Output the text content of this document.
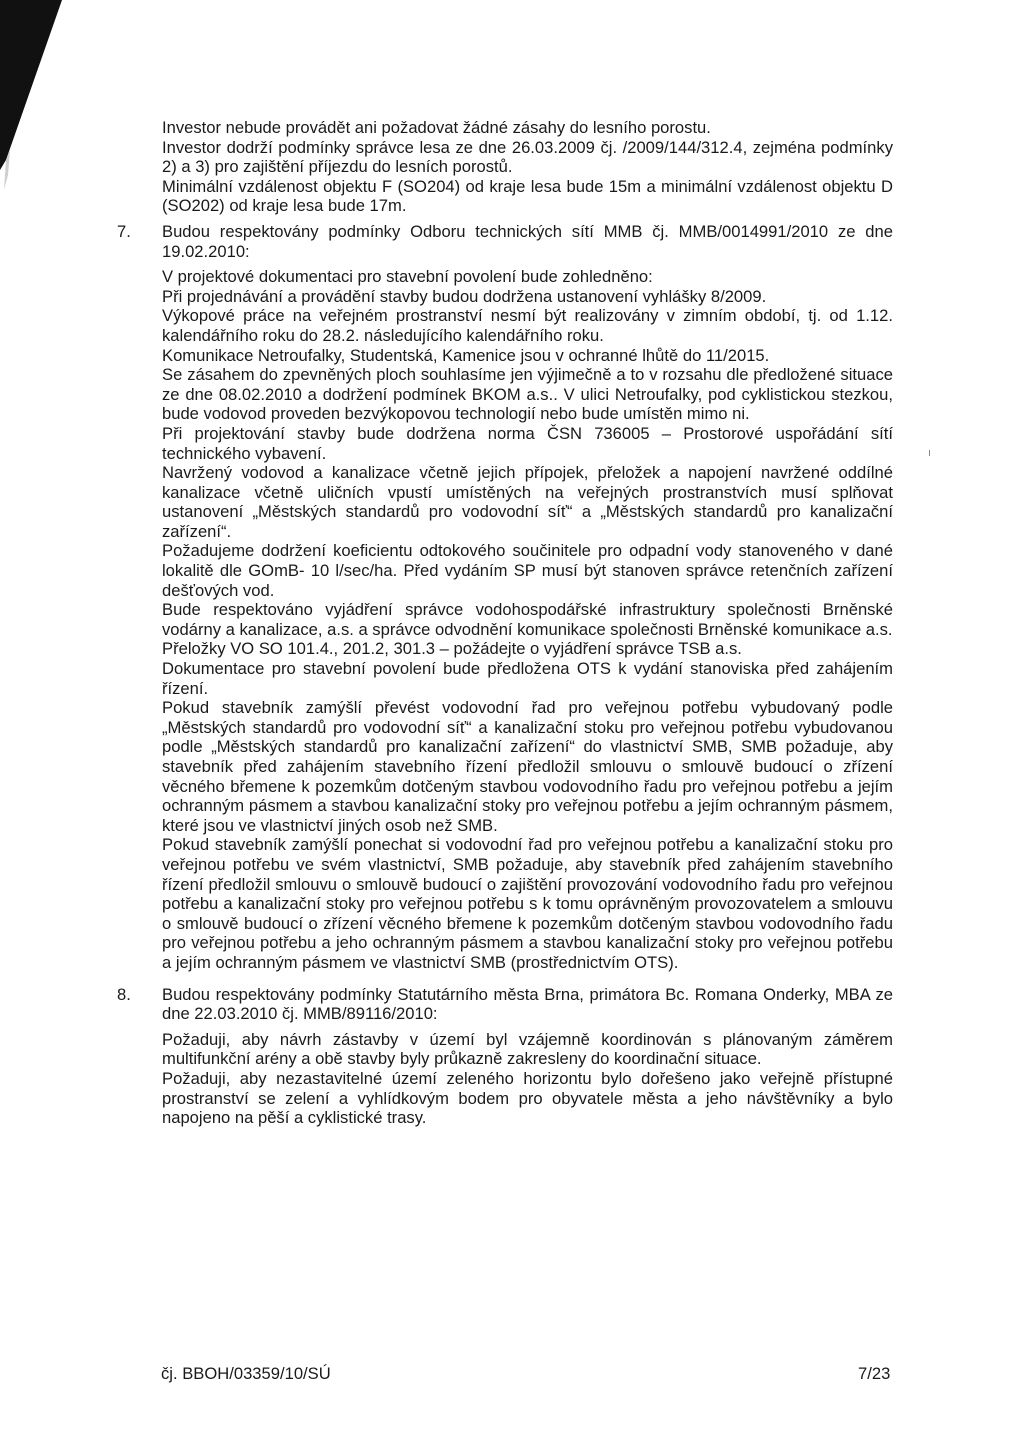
Investor nebude provádět ani požadovat žádné zásahy do lesního porostu.

Investor dodrží podmínky správce lesa ze dne 26.03.2009 čj. /2009/144/312.4, zejména podmínky 2) a 3) pro zajištění příjezdu do lesních porostů.

Minimální vzdálenost objektu F (SO204) od kraje lesa bude 15m a minimální vzdálenost objektu D (SO202) od kraje lesa bude 17m.

7. Budou respektovány podmínky Odboru technických sítí MMB čj. MMB/0014991/2010 ze dne 19.02.2010:

V projektové dokumentaci pro stavební povolení bude zohledněno:

Při projednávání a provádění stavby budou dodržena ustanovení vyhlášky 8/2009.

Výkopové práce na veřejném prostranství nesmí být realizovány v zimním období, tj. od 1.12. kalendářního roku do 28.2. následujícího kalendářního roku.

Komunikace Netroufalky, Studentská, Kamenice jsou v ochranné lhůtě do 11/2015.

Se zásahem do zpevněných ploch souhlasíme jen výjimečně a to v rozsahu dle předložené situace ze dne 08.02.2010 a dodržení podmínek BKOM a.s.. V ulici Netroufalky, pod cyklistickou stezkou, bude vodovod proveden bezvýkopovou technologií nebo bude umístěn mimo ni.

Při projektování stavby bude dodržena norma ČSN 736005 – Prostorové uspořádání sítí technického vybavení.

Navržený vodovod a kanalizace včetně jejich přípojek, přeložek a napojení navržené oddílné kanalizace včetně uličních vpustí umístěných na veřejných prostranstvích musí splňovat ustanovení „Městských standardů pro vodovodní síť“ a „Městských standardů pro kanalizační zařízení“.

Požadujeme dodržení koeficientu odtokového součinitele pro odpadní vody stanoveného v dané lokalitě dle GOmB- 10 l/sec/ha. Před vydáním SP musí být stanoven správce retenčních zařízení dešťových vod.

Bude respektováno vyjádření správce vodohospodářské infrastruktury společnosti Brněnské vodárny a kanalizace, a.s. a správce odvodnění komunikace společnosti Brněnské komunikace a.s.

Přeložky VO SO 101.4., 201.2, 301.3 – požádejte o vyjádření správce TSB a.s.

Dokumentace pro stavební povolení bude předložena OTS k vydání stanoviska před zahájením řízení.

Pokud stavebník zamýšlí převést vodovodní řad pro veřejnou potřebu vybudovaný podle „Městských standardů pro vodovodní síť“ a kanalizační stoku pro veřejnou potřebu vybudovanou podle „Městských standardů pro kanalizační zařízení“ do vlastnictví SMB, SMB požaduje, aby stavebník před zahájením stavebního řízení předložil smlouvu o smlouvě budoucí o zřízení věcného břemene k pozemkům dotčeným stavbou vodovodního řadu pro veřejnou potřebu a jejím ochranným pásmem a stavbou kanalizační stoky pro veřejnou potřebu a jejím ochranným pásmem, které jsou ve vlastnictví jiných osob než SMB.

Pokud stavebník zamýšlí ponechat si vodovodní řad pro veřejnou potřebu a kanalizační stoku pro veřejnou potřebu ve svém vlastnictví, SMB požaduje, aby stavebník před zahájením stavebního řízení předložil smlouvu o smlouvě budoucí o zajištění provozování vodovodního řadu pro veřejnou potřebu a kanalizační stoky pro veřejnou potřebu s k tomu oprávněným provozovatelem a smlouvu o smlouvě budoucí o zřízení věcného břemene k pozemkům dotčeným stavbou vodovodního řadu pro veřejnou potřebu a jeho ochranným pásmem a stavbou kanalizační stoky pro veřejnou potřebu a jejím ochranným pásmem ve vlastnictví SMB (prostřednictvím OTS).

8. Budou respektovány podmínky Statutárního města Brna, primátora Bc. Romana Onderky, MBA ze dne 22.03.2010 čj. MMB/89116/2010:

Požaduji, aby návrh zástavby v území byl vzájemně koordinován s plánovaným záměrem multifunkční arény a obě stavby byly průkazně zakresleny do koordinační situace.

Požaduji, aby nezastavitelné území zeleného horizontu bylo dořešeno jako veřejně přístupné prostranství se zelení a vyhlídkovým bodem pro obyvatele města a jeho návštěvníky a bylo napojeno na pěší a cyklistické trasy.

čj. BBOH/03359/10/SÚ	7/23
